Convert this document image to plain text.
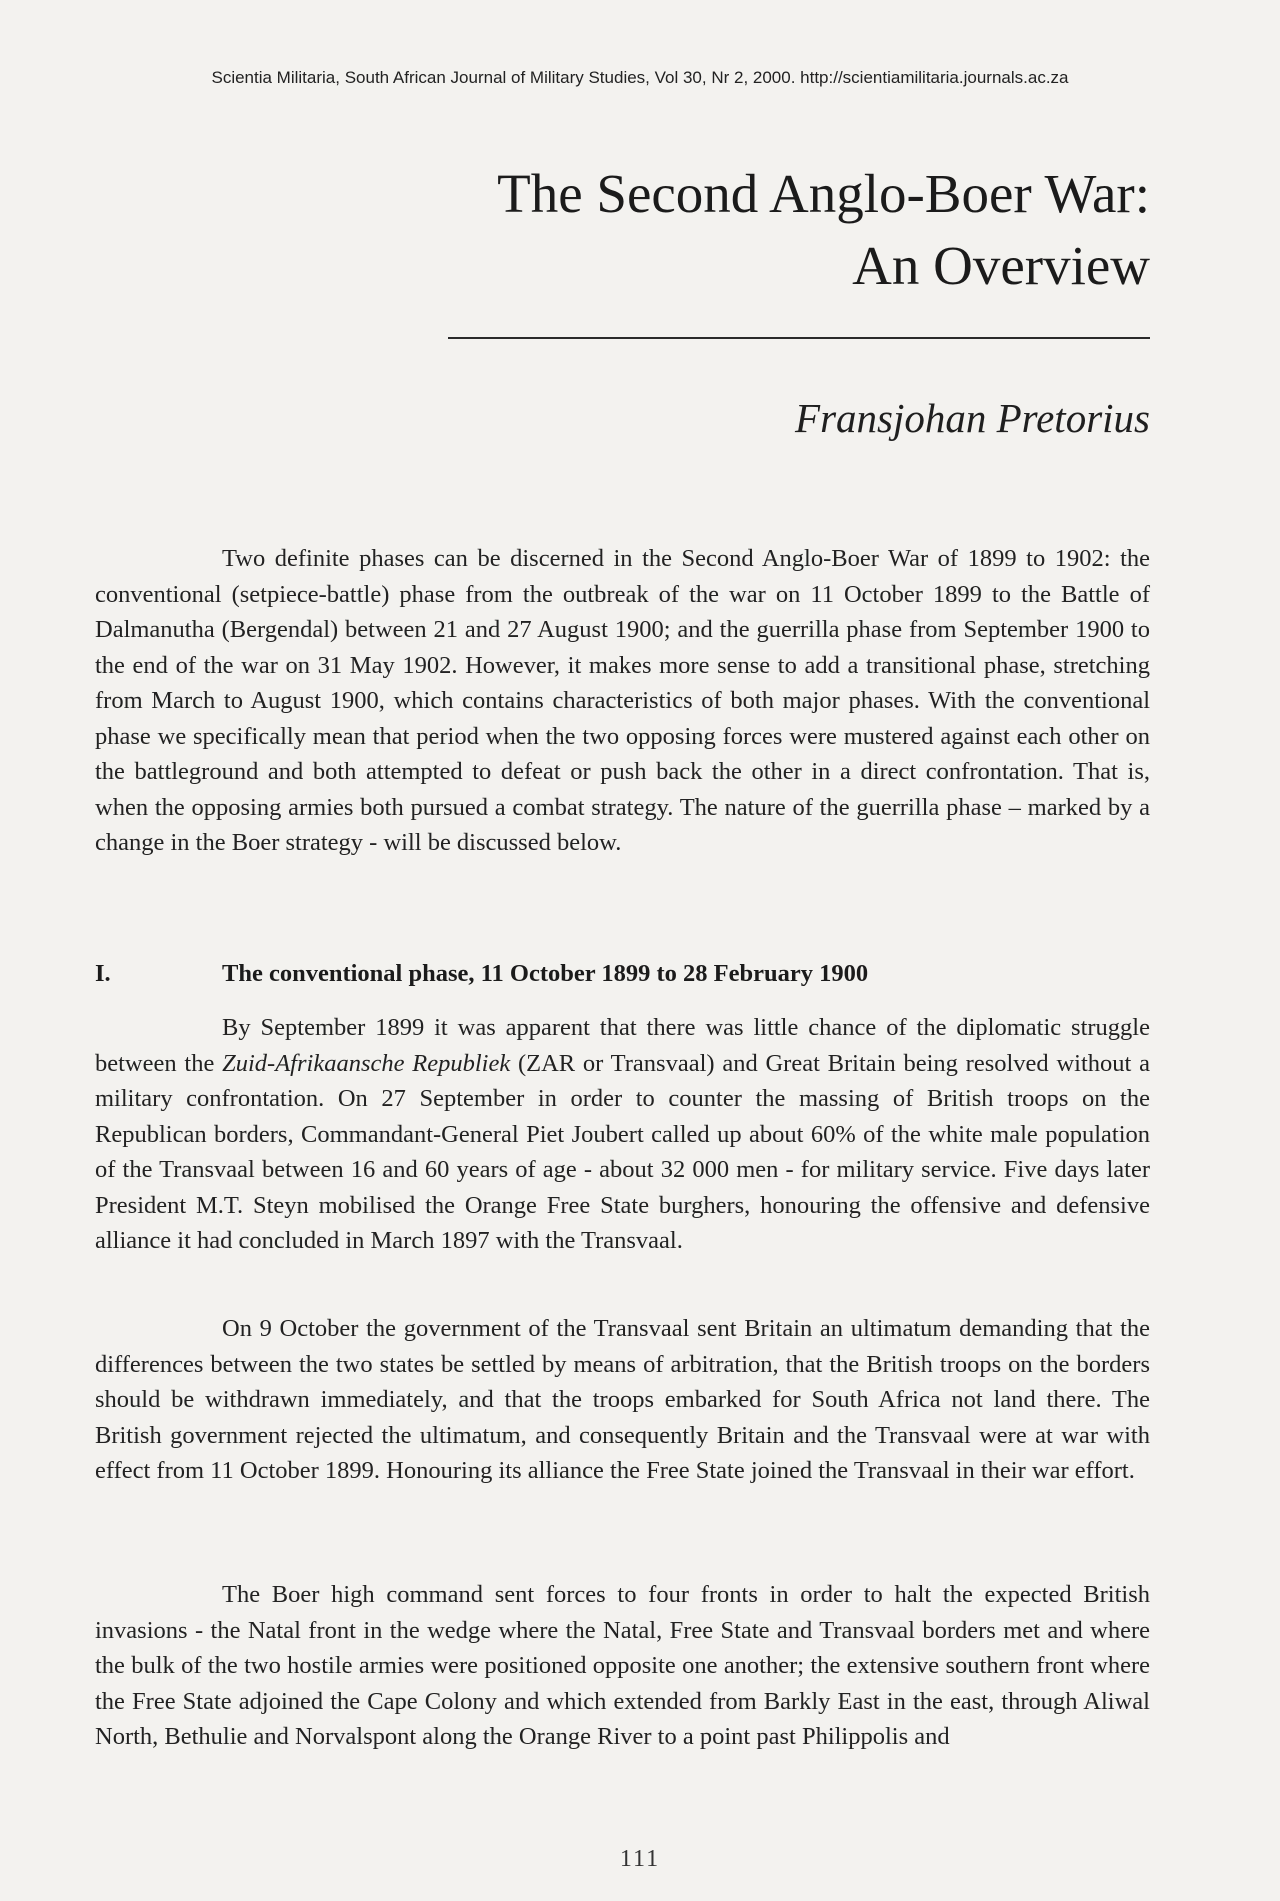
Scientia Militaria, South African Journal of Military Studies, Vol 30, Nr 2, 2000. http://scientiamilitaria.journals.ac.za
The Second Anglo-Boer War:
An Overview
Fransjohan Pretorius

Two definite phases can be discerned in the Second Anglo-Boer War of 1899 to 1902: the conventional (setpiece-battle) phase from the outbreak of the war on 11 October 1899 to the Battle of Dalmanutha (Bergendal) between 21 and 27 August 1900; and the guerrilla phase from September 1900 to the end of the war on 31 May 1902. However, it makes more sense to add a transitional phase, stretching from March to August 1900, which contains characteristics of both major phases. With the conventional phase we specifically mean that period when the two opposing forces were mustered against each other on the battleground and both attempted to defeat or push back the other in a direct confrontation. That is, when the opposing armies both pursued a combat strategy. The nature of the guerrilla phase – marked by a change in the Boer strategy - will be discussed below.

I.	The conventional phase, 11 October 1899 to 28 February 1900

By September 1899 it was apparent that there was little chance of the diplomatic struggle between the Zuid-Afrikaansche Republiek (ZAR or Transvaal) and Great Britain being resolved without a military confrontation. On 27 September in order to counter the massing of British troops on the Republican borders, Commandant-General Piet Joubert called up about 60% of the white male population of the Transvaal between 16 and 60 years of age - about 32 000 men - for military service. Five days later President M.T. Steyn mobilised the Orange Free State burghers, honouring the offensive and defensive alliance it had concluded in March 1897 with the Transvaal.

On 9 October the government of the Transvaal sent Britain an ultimatum demanding that the differences between the two states be settled by means of arbitration, that the British troops on the borders should be withdrawn immediately, and that the troops embarked for South Africa not land there. The British government rejected the ultimatum, and consequently Britain and the Transvaal were at war with effect from 11 October 1899. Honouring its alliance the Free State joined the Transvaal in their war effort.

The Boer high command sent forces to four fronts in order to halt the expected British invasions - the Natal front in the wedge where the Natal, Free State and Transvaal borders met and where the bulk of the two hostile armies were positioned opposite one another; the extensive southern front where the Free State adjoined the Cape Colony and which extended from Barkly East in the east, through Aliwal North, Bethulie and Norvalspont along the Orange River to a point past Philippolis and

111
